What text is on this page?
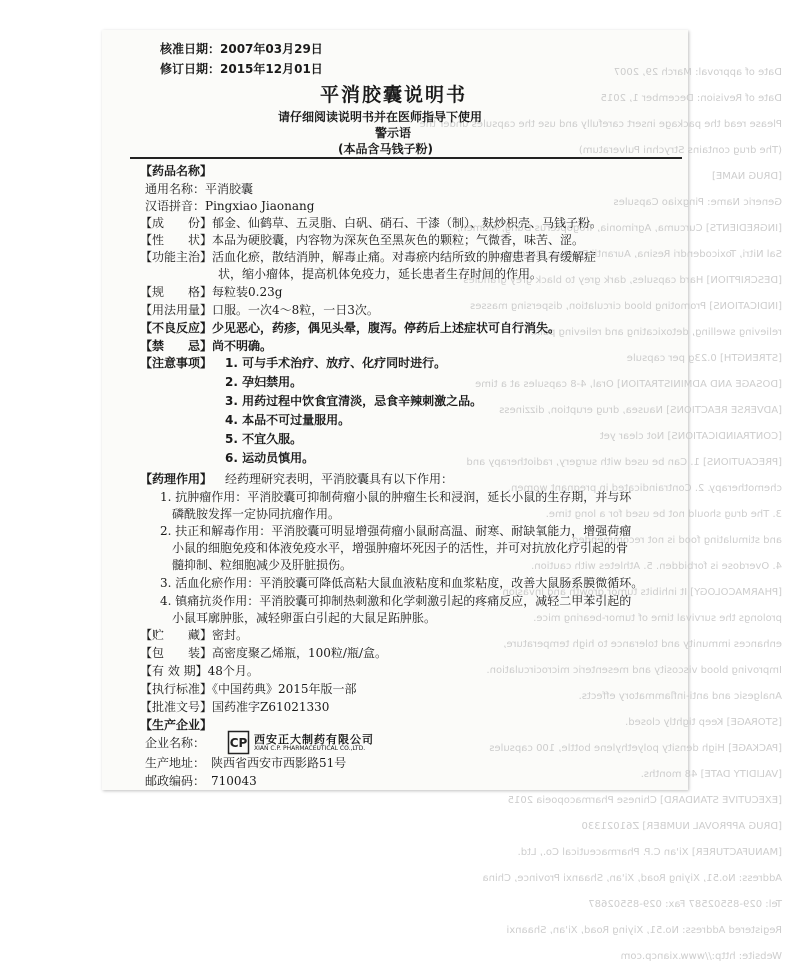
Date of approval: March 29, 2007
Date of Revision: December 1, 2015
Please read the package insert carefully and use the capsules under the
(The drug contains Strychni Pulveratum)
[DRUG NAME]
Generic Name: Pingxiao Capsules
[INGREDIENTS] Curcuma, Agrimonia, Trogopterus Dung, Alumen,
Sal Nitri, Toxicodendri Resina, Aurantii Fructus, Strychni
[DESCRIPTION] Hard capsules, dark grey to black grey granules
[INDICATIONS] Promoting blood circulation, dispersing masses
relieving swelling, detoxicating and relieving pain.
[STRENGTH] 0.23g per capsule
[DOSAGE AND ADMINISTRATION] Oral, 4-8 capsules at a time
[ADVERSE REACTIONS] Nausea, drug eruption, dizziness
[CONTRAINDICATIONS] Not clear yet
[PRECAUTIONS] 1. Can be used with surgery, radiotherapy and
chemotherapy. 2. Contraindicated in pregnant women.
3. The drug should not be used for a long time.
and stimulating food is not recommended.
4. Overdose is forbidden. 5. Athletes with caution.
[PHARMACOLOGY] It inhibits tumor growth and invasion
prolongs the survival time of tumor-bearing mice.
enhances immunity and tolerance to high temperature,
Improving blood viscosity and mesenteric microcirculation.
Analgesic and anti-inflammatory effects.
[STORAGE] Keep tightly closed.
[PACKAGE] High density polyethylene bottle, 100 capsules
[VALIDITY DATE] 48 months.
[EXECUTIVE STANDARD] Chinese Pharmacopoeia 2015
[DRUG APPROVAL NUMBER] Z61021330
[MANUFACTURER] Xi'an C.P. Pharmaceutical Co., Ltd.
Address: No.51, Xiying Road, Xi'an, Shaanxi Province, China
Tel: 029-85502587 Fax: 029-85502687
Registered Address: No.51, Xiying Road, Xi'an, Shaanxi
Website: http://www.xiancp.com
核准日期：2007年03月29日
修订日期：2015年12月01日
平消胶囊说明书
请仔细阅读说明书并在医师指导下使用
警示语
(本品含马钱子粉)
【药品名称】
通用名称：平消胶囊
汉语拼音：Pingxiao Jiaonang
【成　　份】郁金、仙鹤草、五灵脂、白矾、硝石、干漆（制）、麸炒枳壳、马钱子粉。
【性　　状】本品为硬胶囊，内容物为深灰色至黑灰色的颗粒；气微香，味苦、涩。
【功能主治】活血化瘀，散结消肿，解毒止痛。对毒瘀内结所致的肿瘤患者具有缓解症
状，缩小瘤体，提高机体免疫力，延长患者生存时间的作用。
【规　　格】每粒装0.23g
【用法用量】口服。一次4～8粒，一日3次。
【不良反应】少见恶心，药疹，偶见头晕，腹泻。停药后上述症状可自行消失。
【禁　　忌】尚不明确。
【注意事项】 1. 可与手术治疗、放疗、化疗同时进行。
2. 孕妇禁用。
3. 用药过程中饮食宜清淡，忌食辛辣刺激之品。
4. 本品不可过量服用。
5. 不宜久服。
6. 运动员慎用。
【药理作用】 经药理研究表明，平消胶囊具有以下作用：
1. 抗肿瘤作用：平消胶囊可抑制荷瘤小鼠的肿瘤生长和浸润，延长小鼠的生存期，并与环
磷酰胺发挥一定协同抗瘤作用。
2. 扶正和解毒作用：平消胶囊可明显增强荷瘤小鼠耐高温、耐寒、耐缺氧能力，增强荷瘤
小鼠的细胞免疫和体液免疫水平，增强肿瘤坏死因子的活性，并可对抗放化疗引起的骨
髓抑制、粒细胞减少及肝脏损伤。
3. 活血化瘀作用：平消胶囊可降低高粘大鼠血液粘度和血浆粘度，改善大鼠肠系膜微循环。
4. 镇痛抗炎作用：平消胶囊可抑制热刺激和化学刺激引起的疼痛反应，减轻二甲苯引起的
小鼠耳廓肿胀，减轻卵蛋白引起的大鼠足跖肿胀。
【贮　　藏】密封。
【包　　装】高密度聚乙烯瓶，100粒/瓶/盒。
【有 效 期】48个月。
【执行标准】《中国药典》2015年版一部
【批准文号】国药准字Z61021330
【生产企业】
企业名称： CP 西安正大制药有限公司
XIAN C.P. PHARMACEUTICAL CO.,LTD.
生产地址：　陕西省西安市西影路51号
邮政编码：　710043
